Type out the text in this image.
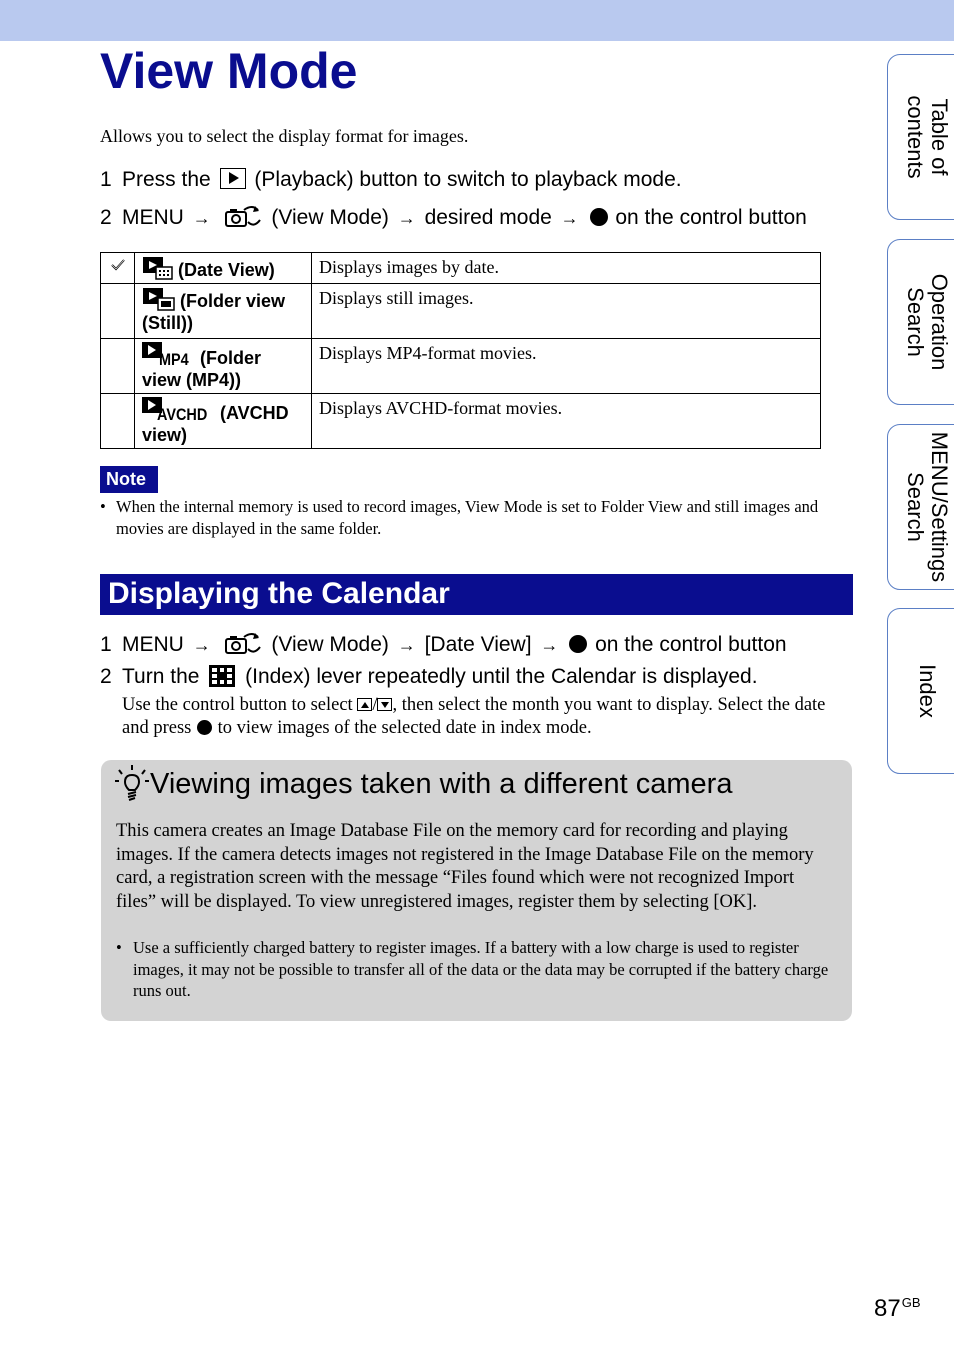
View Mode

Allows you to select the display format for images.

1 Press the (Playback) button to switch to playback mode.
2 MENU →	(View Mode) → desired mode → on the control button
	(Date View)	Displays images by date.
	(Folder view (Still))	Displays still images.

	MP4 (Folder view (MP4))	Displays MP4-format movies.

	AVCHD (AVCHD view)	Displays AVCHD-format movies.
Note
• When the internal memory is used to record images, View Mode is set to Folder View and still images and movies are displayed in the same folder.
Displaying the Calendar
1 MENU →	(View Mode) → [Date View] → on the control button
2 Turn the (Index) lever repeatedly until the Calendar is displayed.
Use the control button to select / , then select the month you want to display. Select the date and press to view images of the selected date in index mode.
Viewing images taken with a different camera

This camera creates an Image Database File on the memory card for recording and playing images. If the camera detects images not registered in the Image Database File on the memory card, a registration screen with the message “Files found which were not recognized Import files” will be displayed. To view unregistered images, register them by selecting [OK].

• Use a sufficiently charged battery to register images. If a battery with a low charge is used to register images, it may not be possible to transfer all of the data or the data may be corrupted if the battery charge runs out.
Table of
contents
Operation
Search
MENU/Settings
Search
Index
$87^{GB}$
